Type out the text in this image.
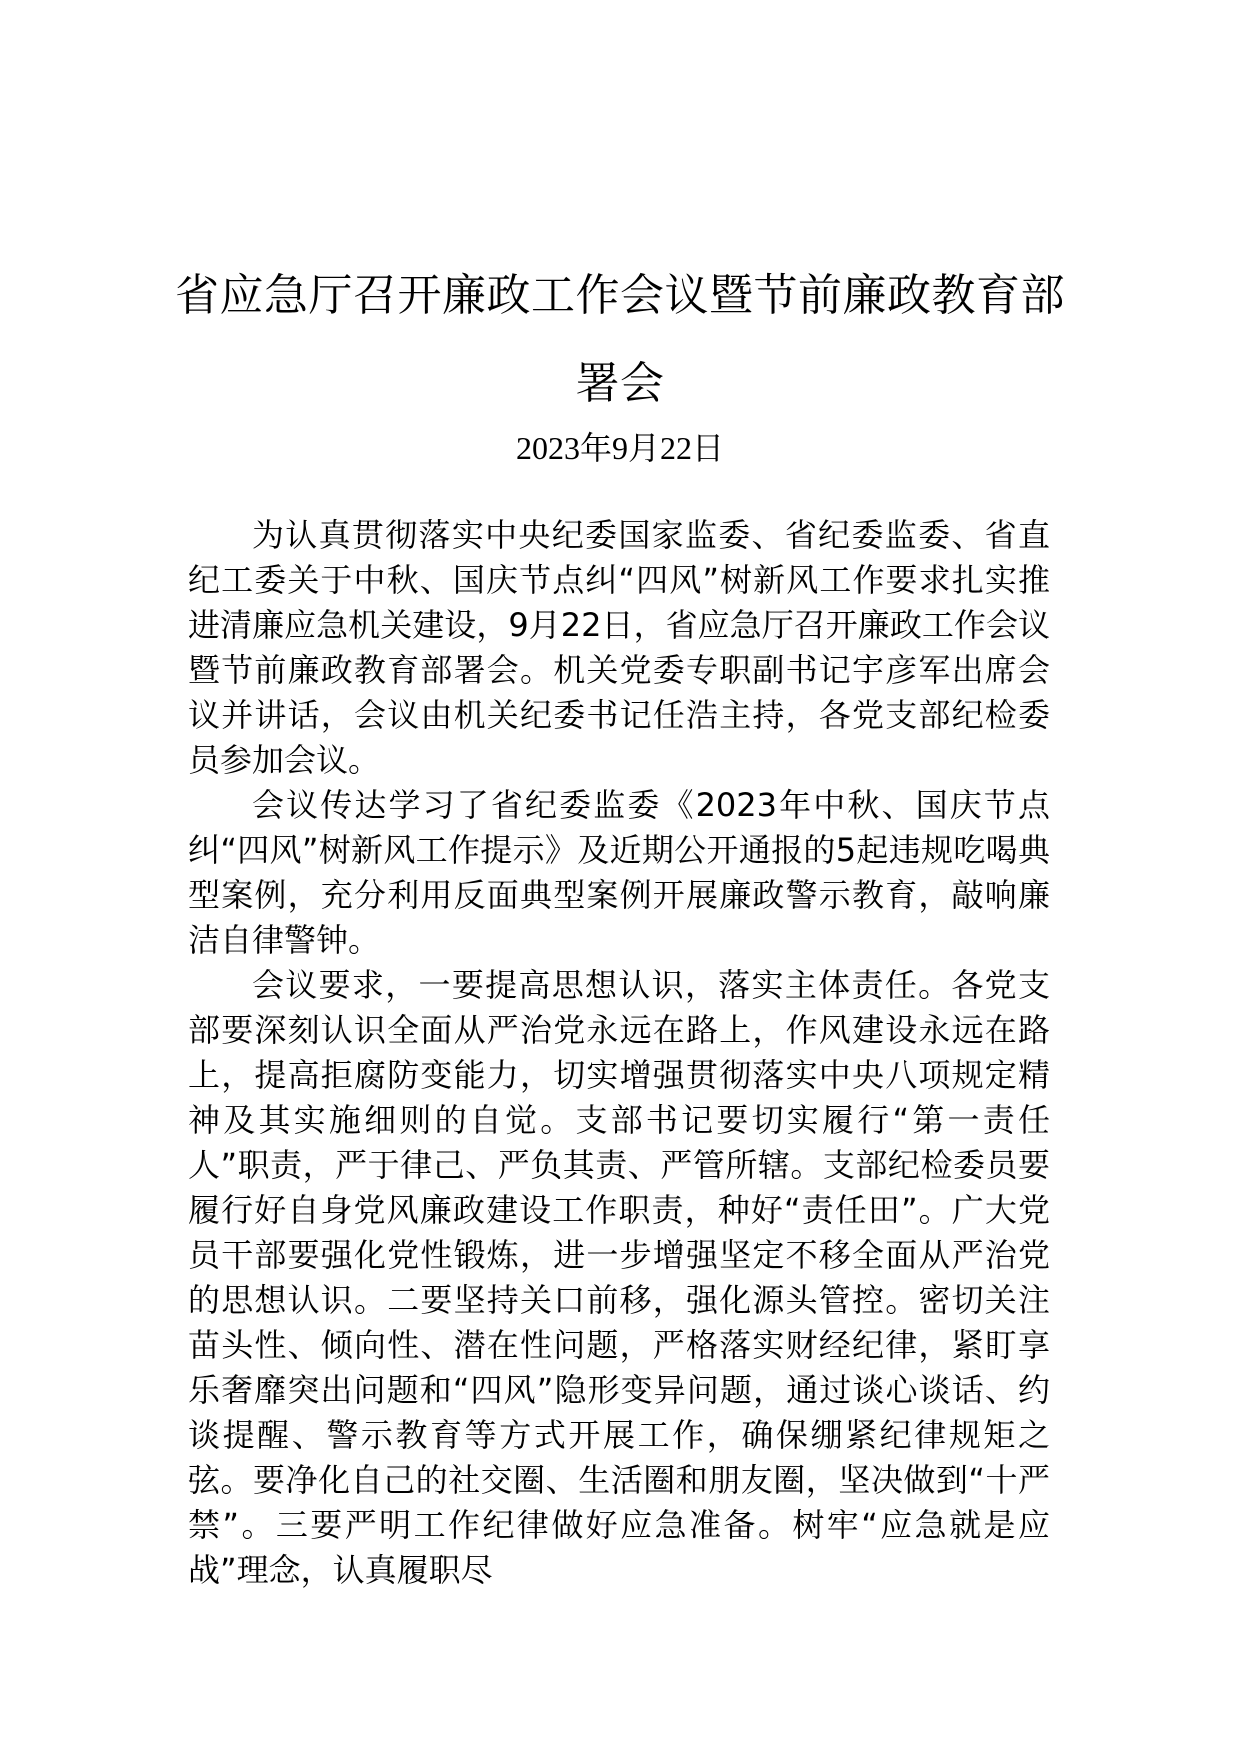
省应急厅召开廉政工作会议暨节前廉政教育部署会
2023年9月22日

为认真贯彻落实中央纪委国家监委、省纪委监委、省直纪工委关于中秋、国庆节点纠“四风”树新风工作要求扎实推进清廉应急机关建设，9月22日，省应急厅召开廉政工作会议暨节前廉政教育部署会。机关党委专职副书记宇彦军出席会议并讲话，会议由机关纪委书记任浩主持，各党支部纪检委员参加会议。

会议传达学习了省纪委监委《2023年中秋、国庆节点纠“四风”树新风工作提示》及近期公开通报的5起违规吃喝典型案例，充分利用反面典型案例开展廉政警示教育，敲响廉洁自律警钟。

会议要求，一要提高思想认识，落实主体责任。各党支部要深刻认识全面从严治党永远在路上，作风建设永远在路上，提高拒腐防变能力，切实增强贯彻落实中央八项规定精神及其实施细则的自觉。支部书记要切实履行“第一责任人”职责，严于律己、严负其责、严管所辖。支部纪检委员要履行好自身党风廉政建设工作职责，种好“责任田”。广大党员干部要强化党性锻炼，进一步增强坚定不移全面从严治党的思想认识。二要坚持关口前移，强化源头管控。密切关注苗头性、倾向性、潜在性问题，严格落实财经纪律，紧盯享乐奢靡突出问题和“四风”隐形变异问题，通过谈心谈话、约谈提醒、警示教育等方式开展工作，确保绷紧纪律规矩之弦。要净化自己的社交圈、生活圈和朋友圈，坚决做到“十严禁”。三要严明工作纪律做好应急准备。树牢“应急就是应战”理念，认真履职尽
